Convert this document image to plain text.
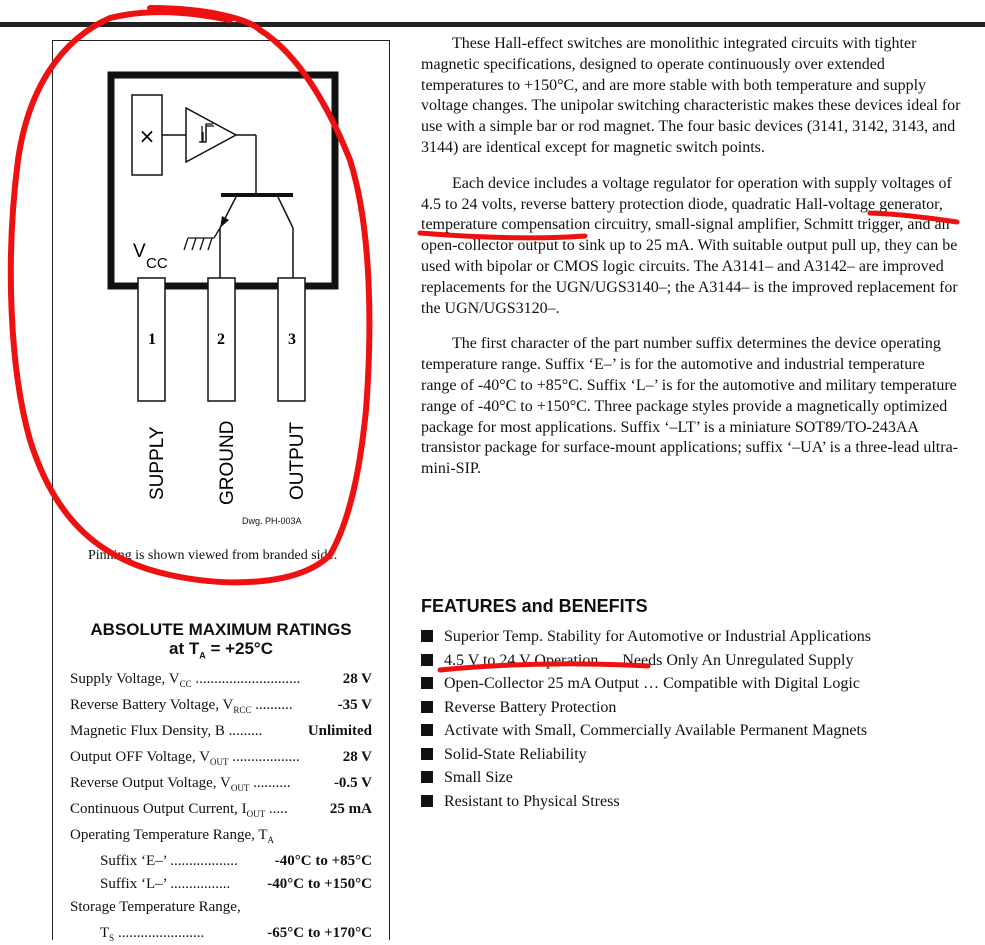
×
V
CC
1	2	3
SUPPLY	GROUND	OUTPUT
Dwg. PH-003A
Pinning is shown viewed from branded side.
ABSOLUTE MAXIMUM RATINGS
at $T_A = +25^\circ C$
Supply Voltage, $V_{CC}$ ............................	28 V
Reverse Battery Voltage, $V_{RCC}$ ..........	-35 V
Magnetic Flux Density, B .........	Unlimited
Output OFF Voltage, $V_{OUT}$ ..................	28 V
Reverse Output Voltage, $V_{OUT}$ ..........	-0.5 V
Continuous Output Current, $I_{OUT}$ .....	25 mA
Operating Temperature Range, $T_A$
Suffix ‘E–’ .................. -40°C to +85°C
Suffix ‘L–’ ................ -40°C to +150°C
Storage Temperature Range,
$T_S$ .......................	-65°C to +170°C

These Hall-effect switches are monolithic integrated circuits with tighter magnetic specifications, designed to operate continuously over extended temperatures to +150°C, and are more stable with both temperature and supply voltage changes. The unipolar switching characteristic makes these devices ideal for use with a simple bar or rod magnet. The four basic devices (3141, 3142, 3143, and 3144) are identical except for magnetic switch points.

Each device includes a voltage regulator for operation with supply voltages of 4.5 to 24 volts, reverse battery protection diode, quadratic Hall-voltage generator, temperature compensation circuitry, small-signal amplifier, Schmitt trigger, and an open-collector output to sink up to 25 mA. With suitable output pull up, they can be used with bipolar or CMOS logic circuits. The A3141– and A3142– are improved replacements for the UGN/UGS3140–; the A3144– is the improved replacement for the UGN/UGS3120–.

The first character of the part number suffix determines the device operating temperature range. Suffix ‘E–’ is for the automotive and industrial temperature range of -40°C to +85°C. Suffix ‘L–’ is for the automotive and military temperature range of -40°C to +150°C. Three package styles provide a magnetically optimized package for most applications. Suffix ‘–LT’ is a miniature SOT89/TO-243AA transistor package for surface-mount applications; suffix ‘–UA’ is a three-lead ultra-mini-SIP.

FEATURES and BENEFITS
Superior Temp. Stability for Automotive or Industrial Applications
4.5 V to 24 V Operation … Needs Only An Unregulated Supply
Open-Collector 25 mA Output … Compatible with Digital Logic
Reverse Battery Protection
Activate with Small, Commercially Available Permanent Magnets
Solid-State Reliability
Small Size
Resistant to Physical Stress
